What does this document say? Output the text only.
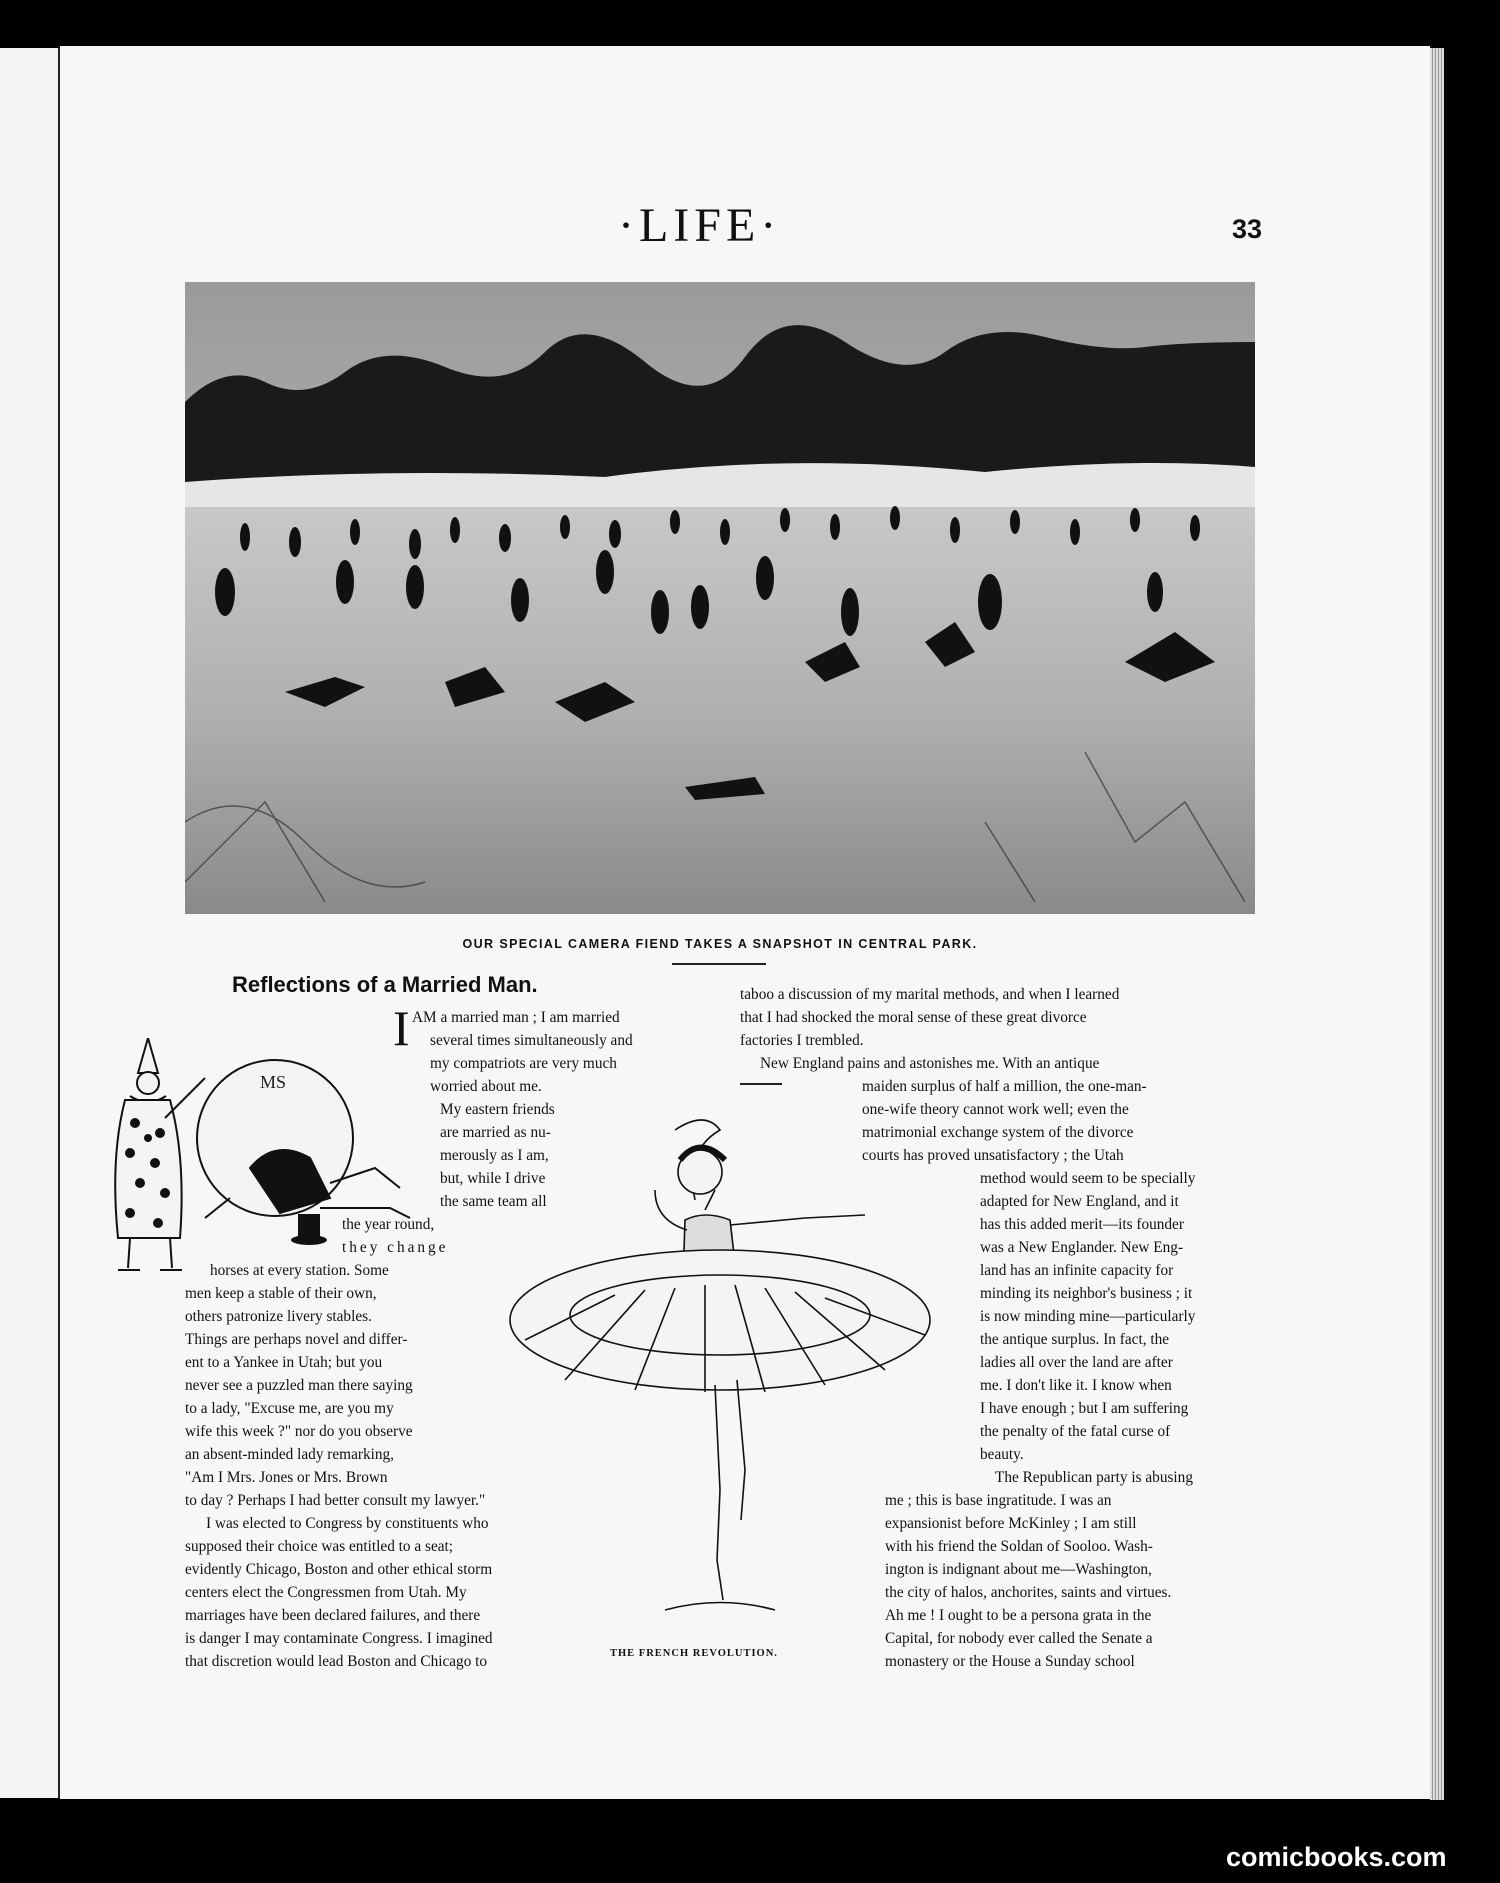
·LIFE·	33
OUR SPECIAL CAMERA FIEND TAKES A SNAPSHOT IN CENTRAL PARK.
Reflections of a Married Man.
MS
THE FRENCH REVOLUTION.
I AM a married man ; I am married
several times simultaneously and
my compatriots are very much
worried about me.
My eastern friends
are married as nu-
merously as I am,
but, while I drive
the same team all
the year round,
they change
horses at every station. Some
men keep a stable of their own,
others patronize livery stables.
Things are perhaps novel and differ-
ent to a Yankee in Utah; but you
never see a puzzled man there saying
to a lady, "Excuse me, are you my
wife this week ?" nor do you observe
an absent-minded lady remarking,
"Am I Mrs. Jones or Mrs. Brown
to day ? Perhaps I had better consult my lawyer."
I was elected to Congress by constituents who
supposed their choice was entitled to a seat;
evidently Chicago, Boston and other ethical storm
centers elect the Congressmen from Utah. My
marriages have been declared failures, and there
is danger I may contaminate Congress. I imagined
that discretion would lead Boston and Chicago to
taboo a discussion of my marital methods, and when I learned
that I had shocked the moral sense of these great divorce
factories I trembled.
New England pains and astonishes me. With an antique
maiden surplus of half a million, the one-man-
one-wife theory cannot work well; even the
matrimonial exchange system of the divorce
courts has proved unsatisfactory ; the Utah
method would seem to be specially
adapted for New England, and it
has this added merit—its founder
was a New Englander. New Eng-
land has an infinite capacity for
minding its neighbor's business ; it
is now minding mine—particularly
the antique surplus. In fact, the
ladies all over the land are after
me. I don't like it. I know when
I have enough ; but I am suffering
the penalty of the fatal curse of
beauty.
The Republican party is abusing
me ; this is base ingratitude. I was an
expansionist before McKinley ; I am still
with his friend the Soldan of Sooloo. Wash-
ington is indignant about me—Washington,
the city of halos, anchorites, saints and virtues.
Ah me ! I ought to be a persona grata in the
Capital, for nobody ever called the Senate a
monastery or the House a Sunday school
comicbooks.com
